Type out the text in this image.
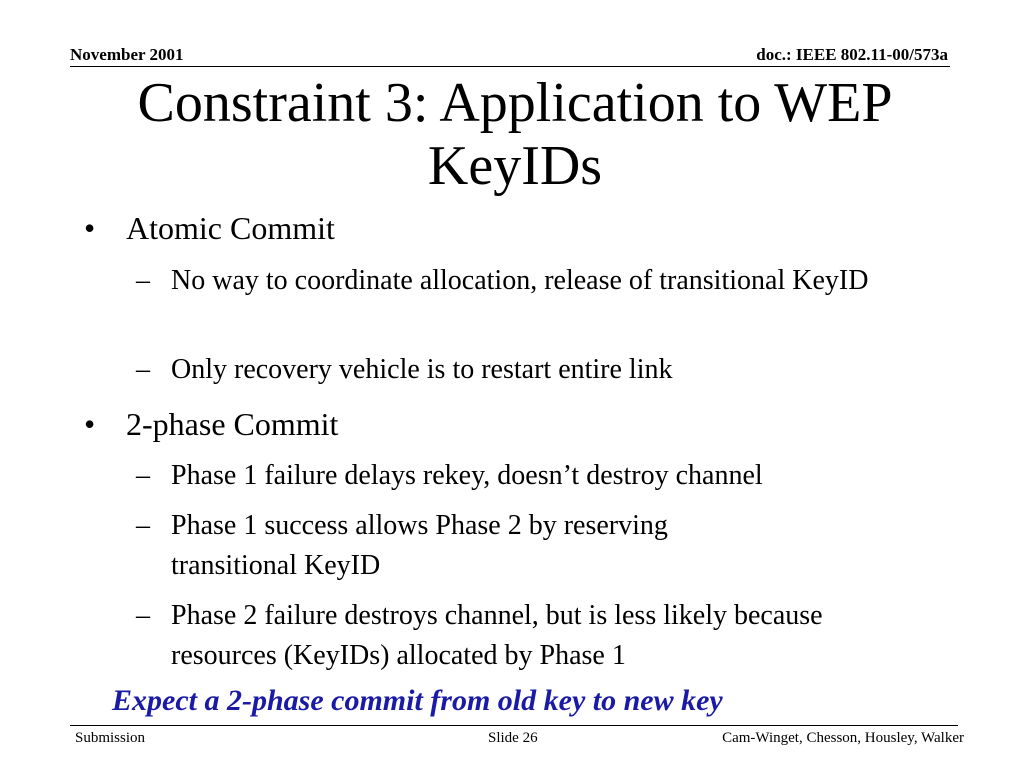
November 2001	doc.: IEEE 802.11-00/573a
Constraint 3: Application to WEP KeyIDs
• Atomic Commit
– No way to coordinate allocation, release of transitional KeyID
– Only recovery vehicle is to restart entire link
• 2-phase Commit
– Phase 1 failure delays rekey, doesn’t destroy channel
– Phase 1 success allows Phase 2 by reserving transitional KeyID
– Phase 2 failure destroys channel, but is less likely because resources (KeyIDs) allocated by Phase 1
Expect a 2-phase commit from old key to new key
Submission	Slide 26	Cam-Winget, Chesson, Housley, Walker
